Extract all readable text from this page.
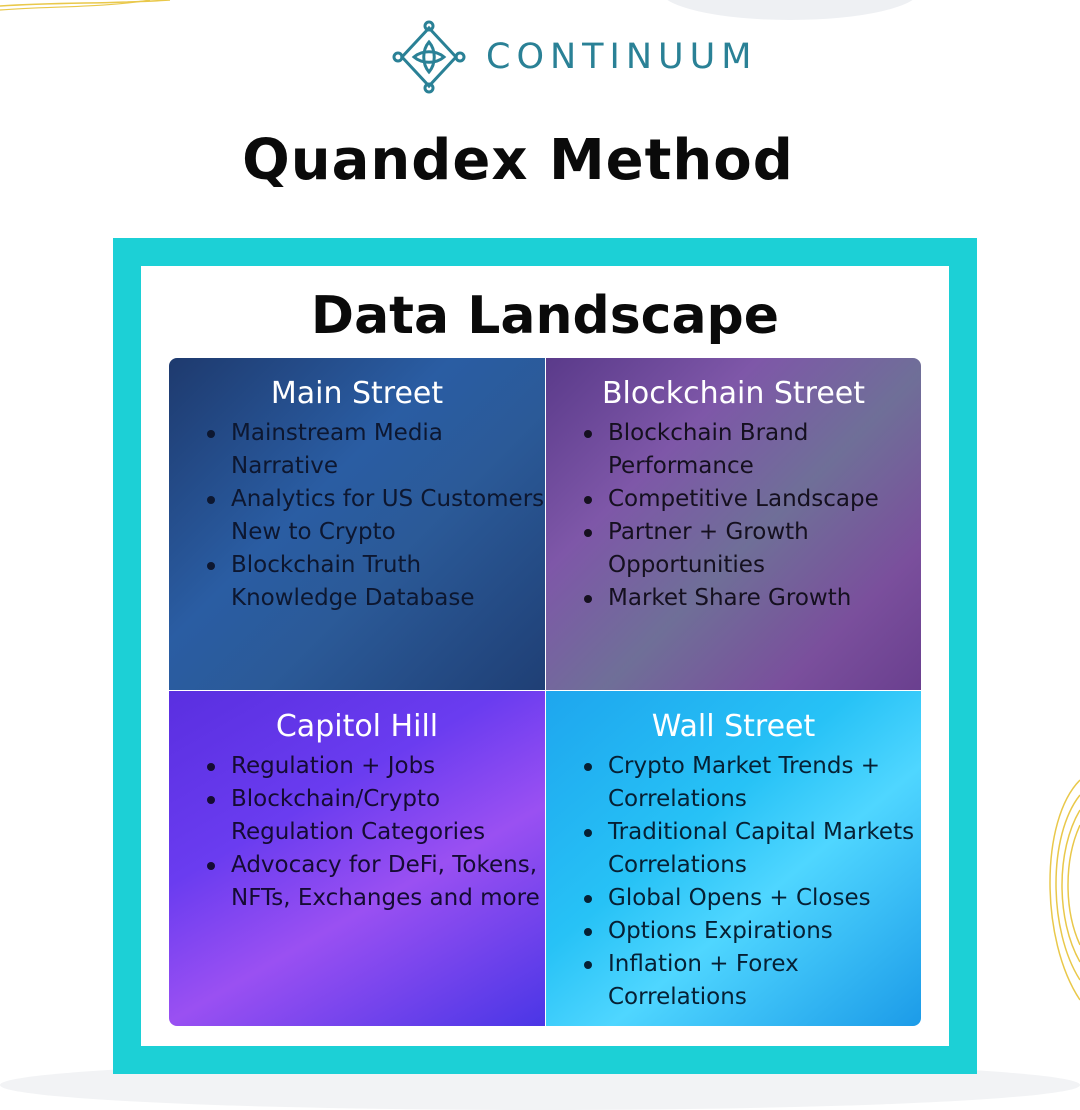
CONTINUUM
Quandex Method
Data Landscape
Main Street
Mainstream Media Narrative
Analytics for US Customers New to Crypto
Blockchain Truth Knowledge Database
Blockchain Street
Blockchain Brand Performance
Competitive Landscape
Partner + Growth Opportunities
Market Share Growth
Capitol Hill
Regulation + Jobs
Blockchain/Crypto Regulation Categories
Advocacy for DeFi, Tokens, NFTs, Exchanges and more
Wall Street
Crypto Market Trends + Correlations
Traditional Capital Markets Correlations
Global Opens + Closes
Options Expirations
Inflation + Forex Correlations
